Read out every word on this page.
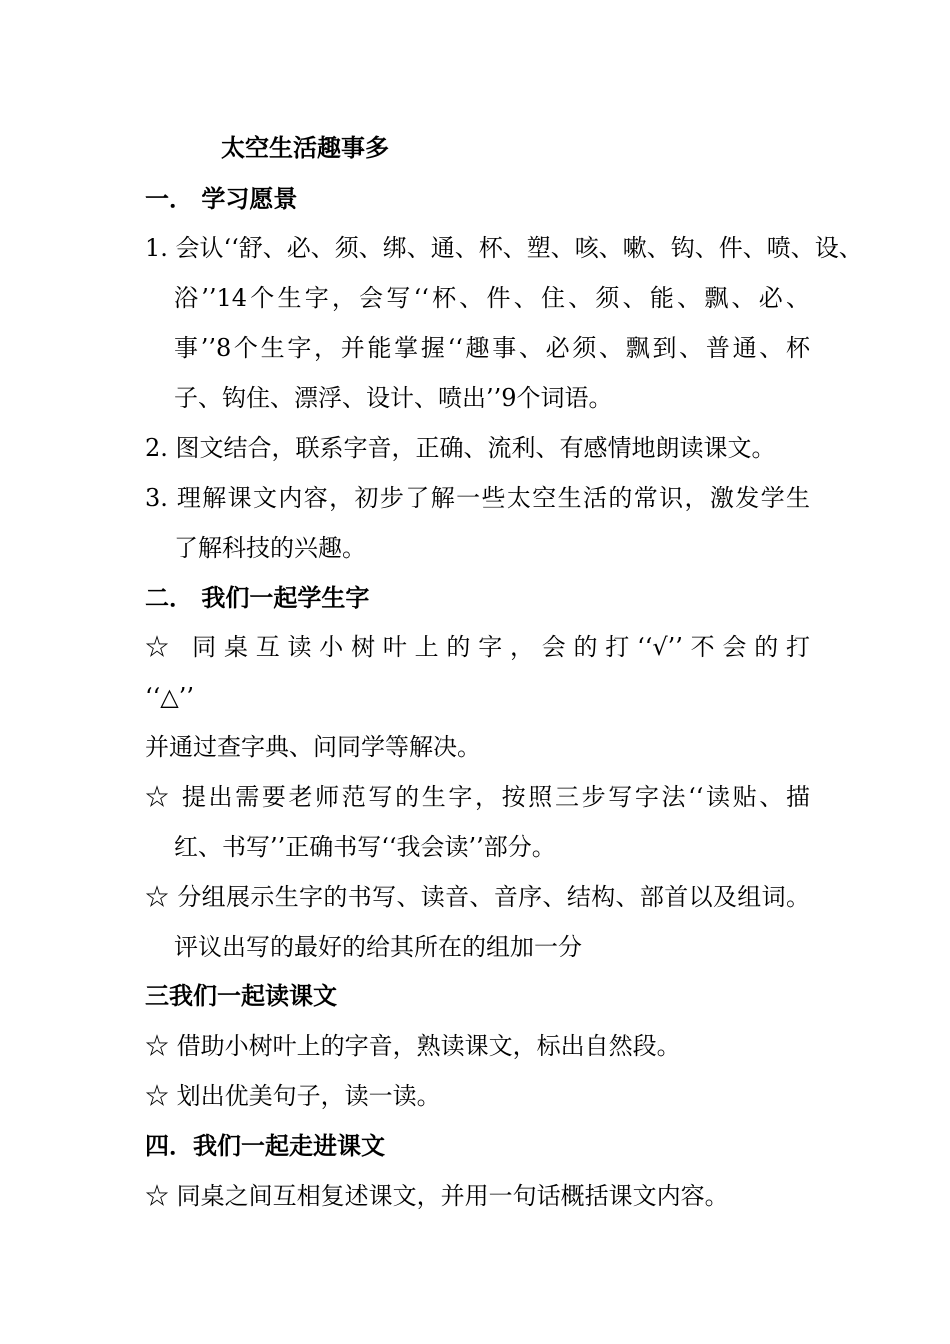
太空生活趣事多
一． 学习愿景
1. 会认‘‘舒、必、须、绑、通、杯、塑、咳、嗽、钩、件、喷、设、
浴’’14个生字，会写‘‘杯、件、住、须、能、飘、必、
事’’8个生字，并能掌握‘‘趣事、必须、飘到、普通、杯
子、钩住、漂浮、设计、喷出’’9个词语。
2. 图文结合，联系字音，正确、流利、有感情地朗读课文。
3. 理解课文内容，初步了解一些太空生活的常识，激发学生
了解科技的兴趣。
二． 我们一起学生字
☆ 同桌互读小树叶上的字，会的打‘‘√’’不会的打
‘‘△’’
并通过查字典、问同学等解决。
☆ 提出需要老师范写的生字，按照三步写字法‘‘读贴、描
红、书写’’正确书写‘‘我会读’’部分。
☆ 分组展示生字的书写、读音、音序、结构、部首以及组词。
评议出写的最好的给其所在的组加一分
三我们一起读课文
☆ 借助小树叶上的字音，熟读课文，标出自然段。
☆ 划出优美句子，读一读。
四．我们一起走进课文
☆ 同桌之间互相复述课文，并用一句话概括课文内容。
